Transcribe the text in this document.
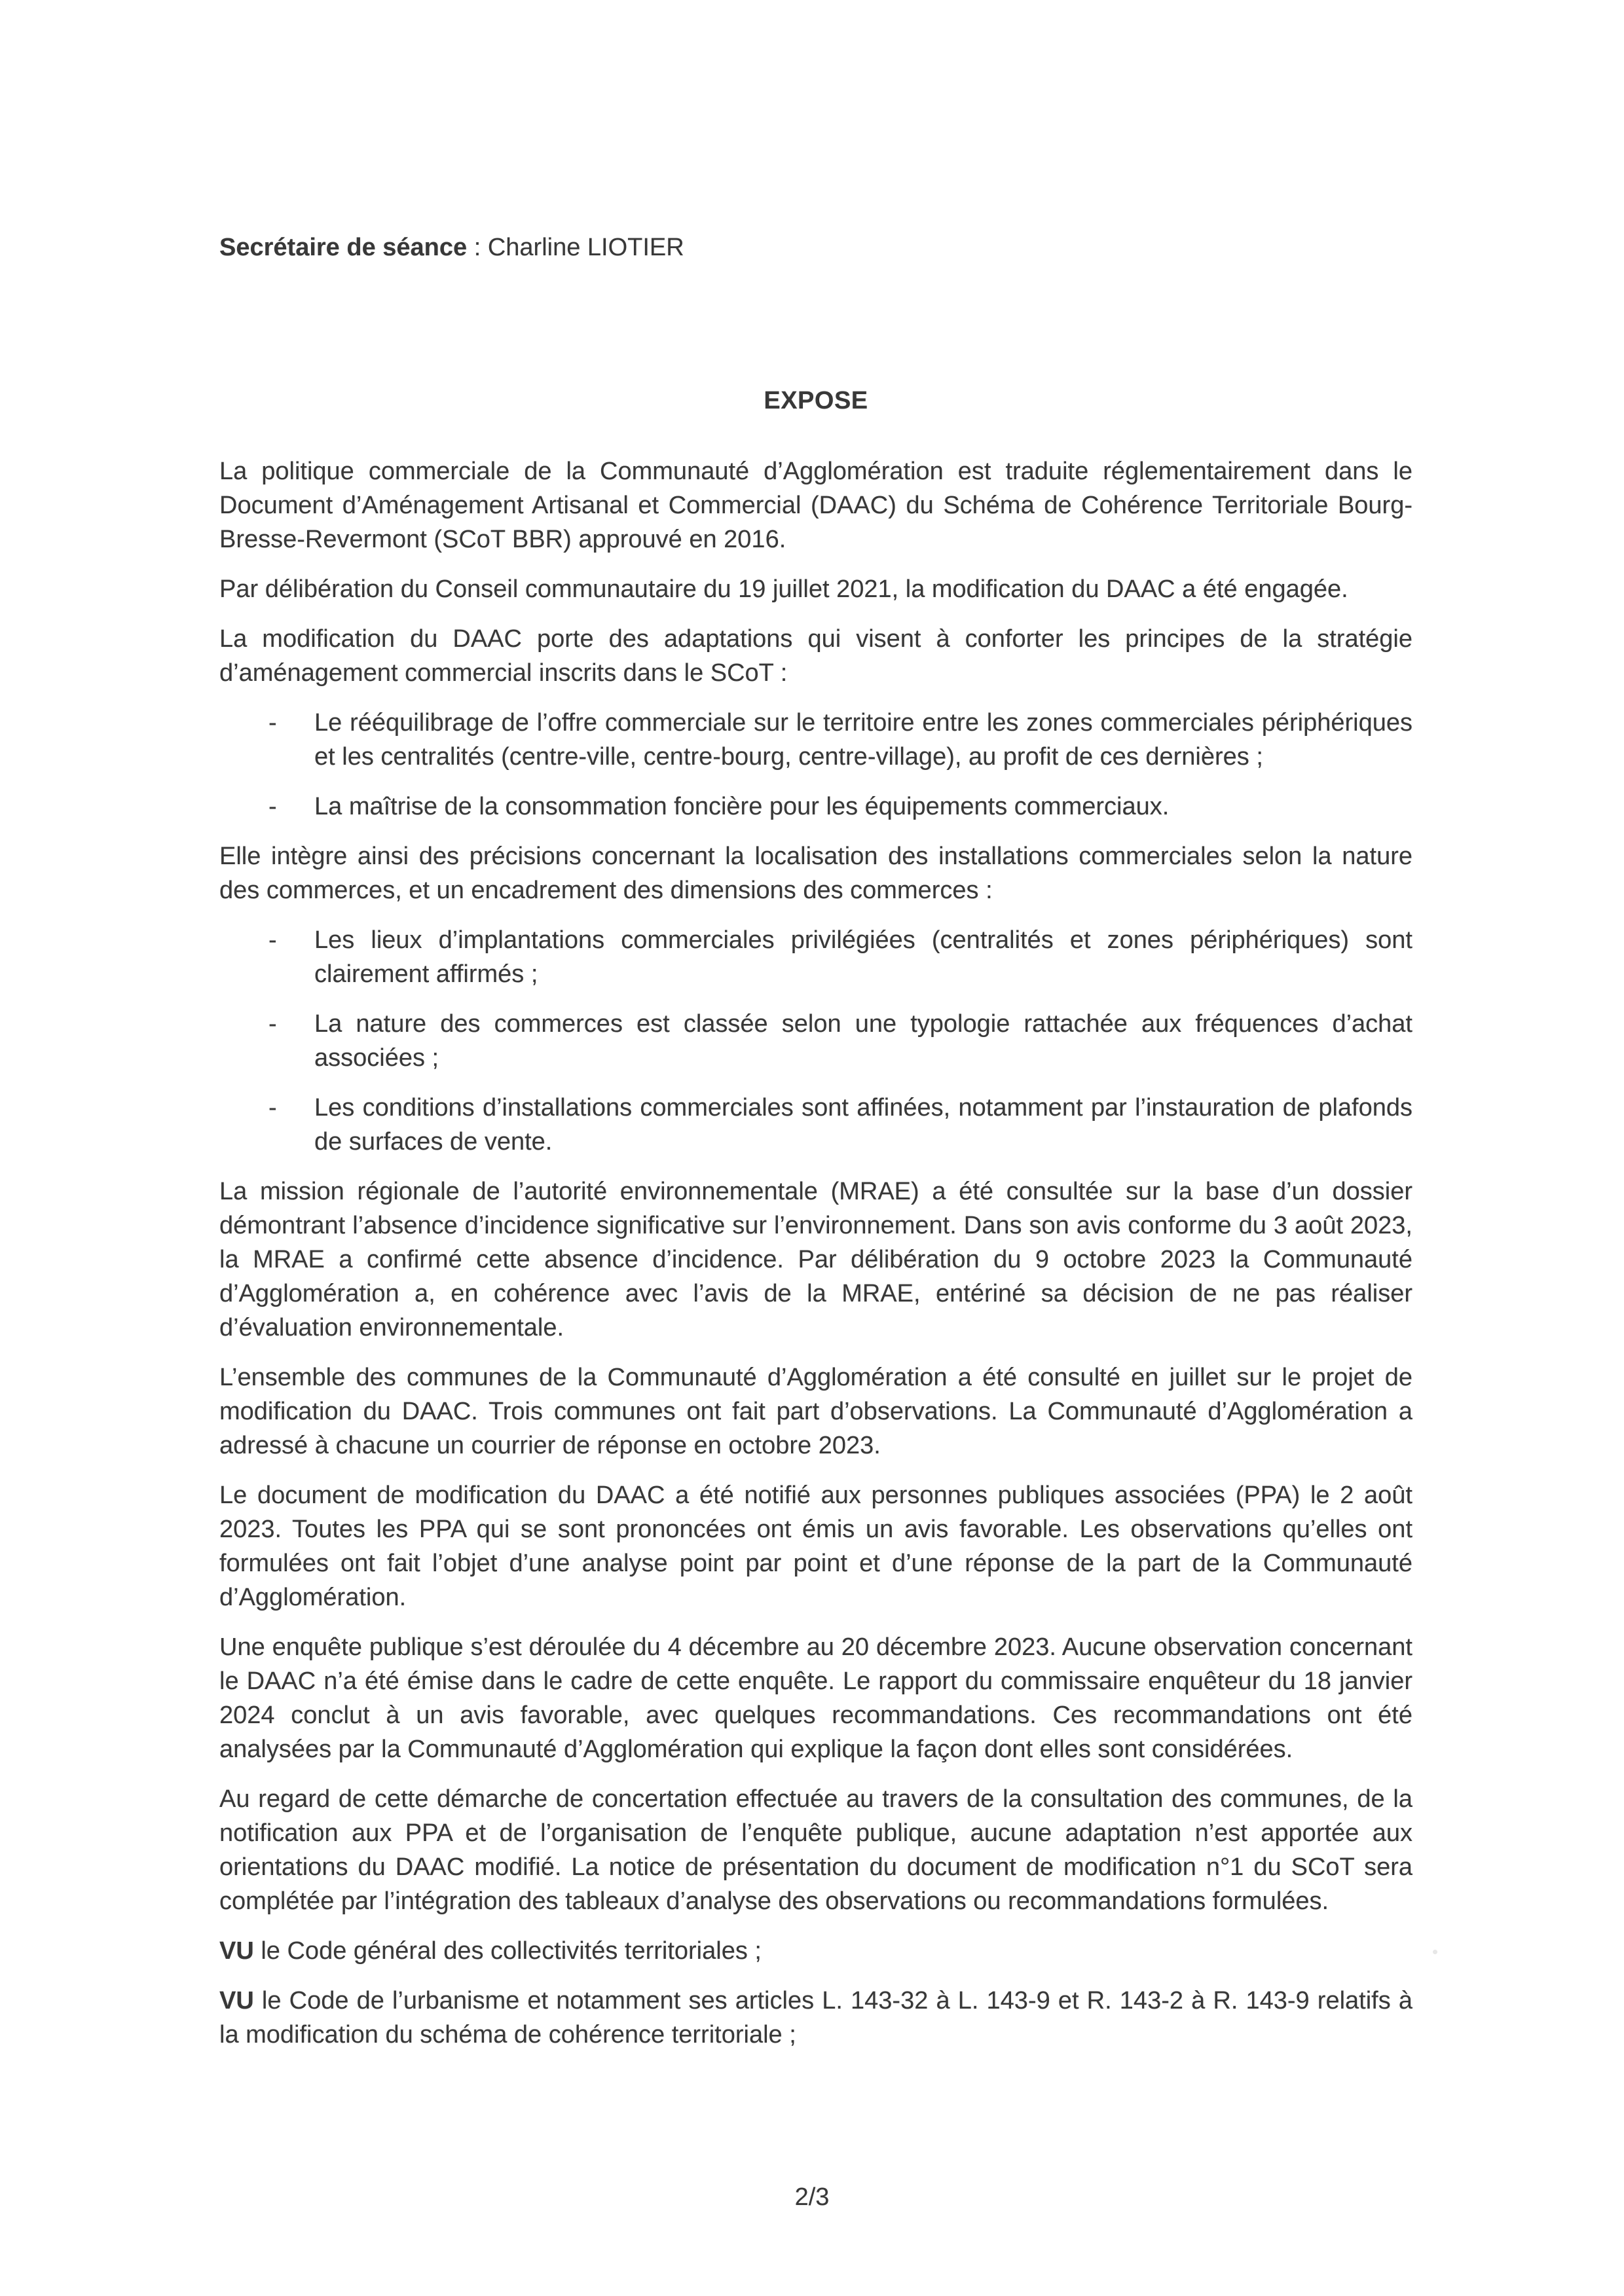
Secrétaire de séance : Charline LIOTIER

EXPOSE

La politique commerciale de la Communauté d’Agglomération est traduite réglementairement dans le Document d’Aménagement Artisanal et Commercial (DAAC) du Schéma de Cohérence Territoriale Bourg-Bresse-Revermont (SCoT BBR) approuvé en 2016.

Par délibération du Conseil communautaire du 19 juillet 2021, la modification du DAAC a été engagée.

La modification du DAAC porte des adaptations qui visent à conforter les principes de la stratégie d’aménagement commercial inscrits dans le SCoT :

-	Le rééquilibrage de l’offre commerciale sur le territoire entre les zones commerciales périphériques et les centralités (centre-ville, centre-bourg, centre-village), au profit de ces dernières ;
-	La maîtrise de la consommation foncière pour les équipements commerciaux.

Elle intègre ainsi des précisions concernant la localisation des installations commerciales selon la nature des commerces, et un encadrement des dimensions des commerces :

-	Les lieux d’implantations commerciales privilégiées (centralités et zones périphériques) sont clairement affirmés ;
-	La nature des commerces est classée selon une typologie rattachée aux fréquences d’achat associées ;
-	Les conditions d’installations commerciales sont affinées, notamment par l’instauration de plafonds de surfaces de vente.

La mission régionale de l’autorité environnementale (MRAE) a été consultée sur la base d’un dossier démontrant l’absence d’incidence significative sur l’environnement. Dans son avis conforme du 3 août 2023, la MRAE a confirmé cette absence d’incidence. Par délibération du 9 octobre 2023 la Communauté d’Agglomération a, en cohérence avec l’avis de la MRAE, entériné sa décision de ne pas réaliser d’évaluation environnementale.

L’ensemble des communes de la Communauté d’Agglomération a été consulté en juillet sur le projet de modification du DAAC. Trois communes ont fait part d’observations. La Communauté d’Agglomération a adressé à chacune un courrier de réponse en octobre 2023.

Le document de modification du DAAC a été notifié aux personnes publiques associées (PPA) le 2 août 2023. Toutes les PPA qui se sont prononcées ont émis un avis favorable. Les observations qu’elles ont formulées ont fait l’objet d’une analyse point par point et d’une réponse de la part de la Communauté d’Agglomération.

Une enquête publique s’est déroulée du 4 décembre au 20 décembre 2023. Aucune observation concernant le DAAC n’a été émise dans le cadre de cette enquête. Le rapport du commissaire enquêteur du 18 janvier 2024 conclut à un avis favorable, avec quelques recommandations. Ces recommandations ont été analysées par la Communauté d’Agglomération qui explique la façon dont elles sont considérées.

Au regard de cette démarche de concertation effectuée au travers de la consultation des communes, de la notification aux PPA et de l’organisation de l’enquête publique, aucune adaptation n’est apportée aux orientations du DAAC modifié. La notice de présentation du document de modification n°1 du SCoT sera complétée par l’intégration des tableaux d’analyse des observations ou recommandations formulées.

VU le Code général des collectivités territoriales ;

VU le Code de l’urbanisme et notamment ses articles L. 143-32 à L. 143-9 et R. 143-2 à R. 143-9 relatifs à la modification du schéma de cohérence territoriale ;

2/3
